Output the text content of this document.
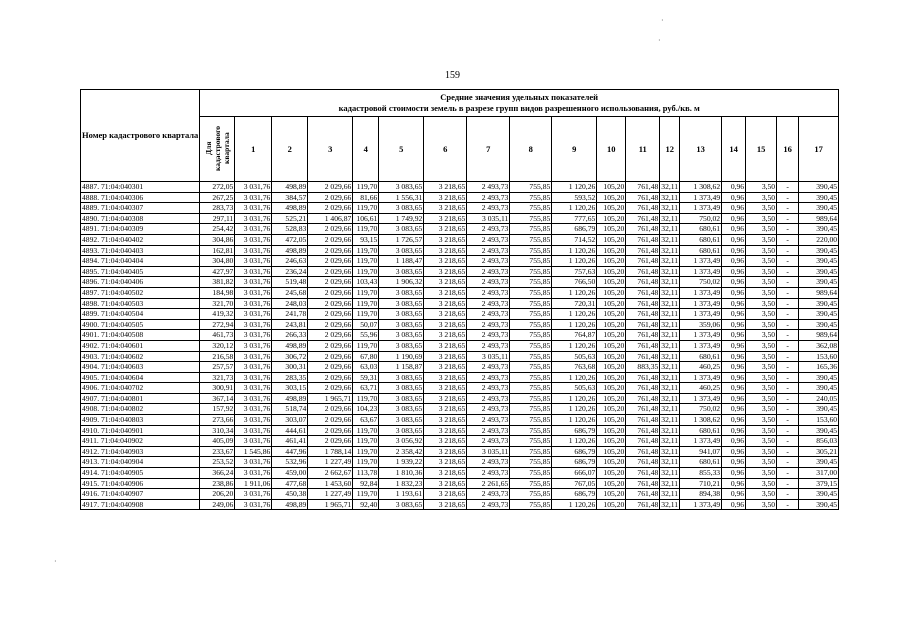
159
Номер кадастрового квартала	Средние значения удельных показателей
кадастровой стоимости земель в разрезе групп видов разрешенного использования, руб./кв. м																	

	Для кадастрового квартала	1	2	3	4	5	6	7	8	9	10	11	12	13	14	15	16	17
4887. 71:04:040301	272,05	3 031,76	498,89	2 029,66	119,70	3 083,65	3 218,65	2 493,73	755,85	1 120,26	105,20	761,48	32,11	1 308,62	0,96	3,50	-	390,45
4888. 71:04:040306	267,25	3 031,76	384,57	2 029,66	81,66	1 556,31	3 218,65	2 493,73	755,85	593,52	105,20	761,48	32,11	1 373,49	0,96	3,50	-	390,45
4889. 71:04:040307	283,73	3 031,76	498,89	2 029,66	119,70	3 083,65	3 218,65	2 493,73	755,85	1 120,26	105,20	761,48	32,11	1 373,49	0,96	3,50	-	390,45
4890. 71:04:040308	297,11	3 031,76	525,21	1 406,87	106,61	1 749,92	3 218,65	3 035,11	755,85	777,65	105,20	761,48	32,11	750,02	0,96	3,50	-	989,64
4891. 71:04:040309	254,42	3 031,76	528,83	2 029,66	119,70	3 083,65	3 218,65	2 493,73	755,85	686,79	105,20	761,48	32,11	680,61	0,96	3,50	-	390,45
4892. 71:04:040402	304,86	3 031,76	472,05	2 029,66	93,15	1 726,57	3 218,65	2 493,73	755,85	714,52	105,20	761,48	32,11	680,61	0,96	3,50	-	220,00
4893. 71:04:040403	162,81	3 031,76	498,89	2 029,66	119,70	3 083,65	3 218,65	2 493,73	755,85	1 120,26	105,20	761,48	32,11	680,61	0,96	3,50	-	390,45
4894. 71:04:040404	304,80	3 031,76	246,63	2 029,66	119,70	1 188,47	3 218,65	2 493,73	755,85	1 120,26	105,20	761,48	32,11	1 373,49	0,96	3,50	-	390,45
4895. 71:04:040405	427,97	3 031,76	236,24	2 029,66	119,70	3 083,65	3 218,65	2 493,73	755,85	757,63	105,20	761,48	32,11	1 373,49	0,96	3,50	-	390,45
4896. 71:04:040406	381,82	3 031,76	519,48	2 029,66	103,43	1 906,32	3 218,65	2 493,73	755,85	766,50	105,20	761,48	32,11	750,02	0,96	3,50	-	390,45
4897. 71:04:040502	184,98	3 031,76	245,68	2 029,66	119,70	3 083,65	3 218,65	2 493,73	755,85	1 120,26	105,20	761,48	32,11	1 373,49	0,96	3,50	-	989,64
4898. 71:04:040503	321,70	3 031,76	248,03	2 029,66	119,70	3 083,65	3 218,65	2 493,73	755,85	720,31	105,20	761,48	32,11	1 373,49	0,96	3,50	-	390,45
4899. 71:04:040504	419,32	3 031,76	241,78	2 029,66	119,70	3 083,65	3 218,65	2 493,73	755,85	1 120,26	105,20	761,48	32,11	1 373,49	0,96	3,50	-	390,45
4900. 71:04:040505	272,94	3 031,76	243,81	2 029,66	50,07	3 083,65	3 218,65	2 493,73	755,85	1 120,26	105,20	761,48	32,11	359,06	0,96	3,50	-	390,45
4901. 71:04:040508	461,73	3 031,76	266,33	2 029,66	55,96	3 083,65	3 218,65	2 493,73	755,85	764,87	105,20	761,48	32,11	1 373,49	0,96	3,50	-	989,64
4902. 71:04:040601	320,12	3 031,76	498,89	2 029,66	119,70	3 083,65	3 218,65	2 493,73	755,85	1 120,26	105,20	761,48	32,11	1 373,49	0,96	3,50	-	362,08
4903. 71:04:040602	216,58	3 031,76	306,72	2 029,66	67,80	1 190,69	3 218,65	3 035,11	755,85	505,63	105,20	761,48	32,11	680,61	0,96	3,50	-	153,60
4904. 71:04:040603	257,57	3 031,76	300,31	2 029,66	63,03	1 158,87	3 218,65	2 493,73	755,85	763,68	105,20	883,35	32,11	460,25	0,96	3,50	-	165,36
4905. 71:04:040604	321,73	3 031,76	283,35	2 029,66	59,31	3 083,65	3 218,65	2 493,73	755,85	1 120,26	105,20	761,48	32,11	1 373,49	0,96	3,50	-	390,45
4906. 71:04:040702	300,91	3 031,76	303,15	2 029,66	63,71	3 083,65	3 218,65	2 493,73	755,85	505,63	105,20	761,48	32,11	460,25	0,96	3,50	-	390,45
4907. 71:04:040801	367,14	3 031,76	498,89	1 965,71	119,70	3 083,65	3 218,65	2 493,73	755,85	1 120,26	105,20	761,48	32,11	1 373,49	0,96	3,50	-	240,05
4908. 71:04:040802	157,92	3 031,76	518,74	2 029,66	104,23	3 083,65	3 218,65	2 493,73	755,85	1 120,26	105,20	761,48	32,11	750,02	0,96	3,50	-	390,45
4909. 71:04:040803	273,66	3 031,76	303,07	2 029,66	63,67	3 083,65	3 218,65	2 493,73	755,85	1 120,26	105,20	761,48	32,11	1 308,62	0,96	3,50	-	153,60
4910. 71:04:040901	310,34	3 031,76	444,61	2 029,66	119,70	3 083,65	3 218,65	2 493,73	755,85	686,79	105,20	761,48	32,11	680,61	0,96	3,50	-	390,45
4911. 71:04:040902	405,09	3 031,76	461,41	2 029,66	119,70	3 056,92	3 218,65	2 493,73	755,85	1 120,26	105,20	761,48	32,11	1 373,49	0,96	3,50	-	856,03
4912. 71:04:040903	233,67	1 545,86	447,96	1 788,14	119,70	2 358,42	3 218,65	3 035,11	755,85	686,79	105,20	761,48	32,11	941,07	0,96	3,50	-	305,21
4913. 71:04:040904	253,52	3 031,76	532,96	1 227,49	119,70	1 939,22	3 218,65	2 493,73	755,85	686,79	105,20	761,48	32,11	680,61	0,96	3,50	-	390,45
4914. 71:04:040905	366,24	3 031,76	459,00	2 662,67	113,78	1 810,36	3 218,65	2 493,73	755,85	666,07	105,20	761,48	32,11	855,33	0,96	3,50	-	317,00
4915. 71:04:040906	238,86	1 911,06	477,68	1 453,60	92,84	1 832,23	3 218,65	2 261,65	755,85	767,05	105,20	761,48	32,11	710,21	0,96	3,50	-	379,15
4916. 71:04:040907	206,20	3 031,76	450,38	1 227,49	119,70	1 193,61	3 218,65	2 493,73	755,85	686,79	105,20	761,48	32,11	894,38	0,96	3,50	-	390,45
4917. 71:04:040908	249,06	3 031,76	498,89	1 965,71	92,40	3 083,65	3 218,65	2 493,73	755,85	1 120,26	105,20	761,48	32,11	1 373,49	0,96	3,50	-	390,45
·
·
·
